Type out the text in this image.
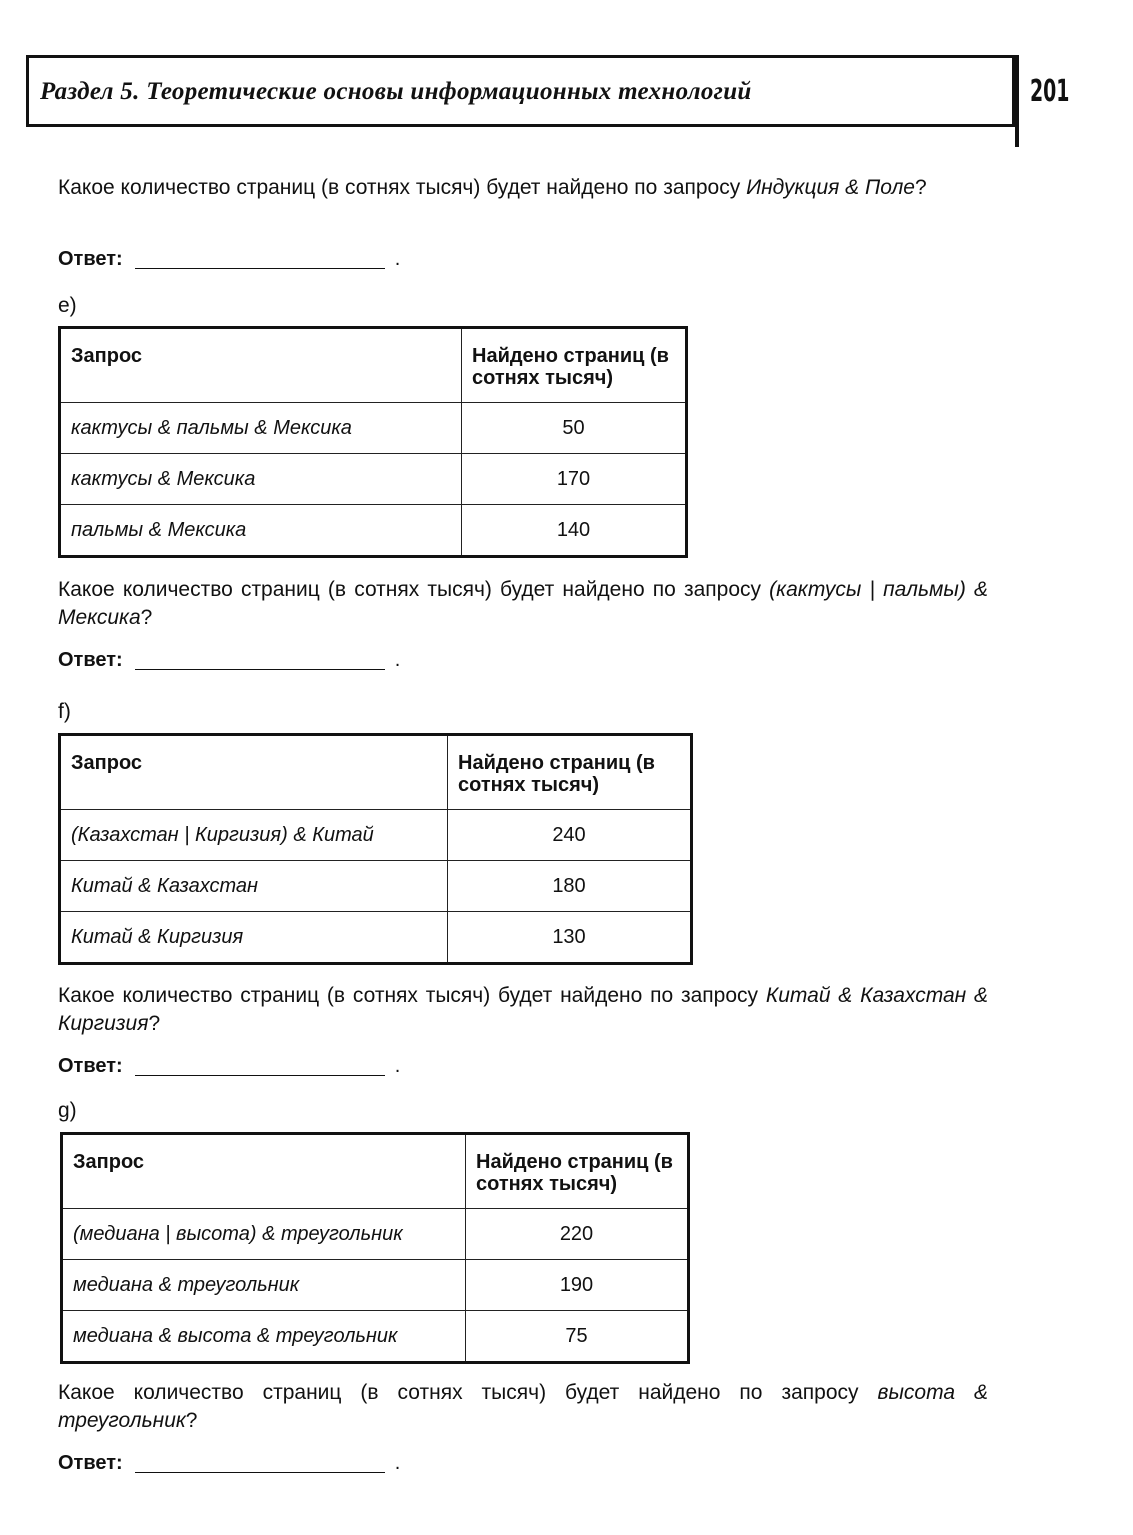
Раздел 5. Теоретические основы информационных технологий	201
Какое количество страниц (в сотнях тысяч) будет найдено по запросу Индукция & Поле?
Ответ:	.
e)
Запрос	Найдено страниц (в сотнях тысяч)
кактусы & пальмы & Мексика	50
кактусы & Мексика	170
пальмы & Мексика	140
Какое количество страниц (в сотнях тысяч) будет найдено по запросу (кактусы | пальмы) & Мексика?
Ответ:	.
f)
Запрос	Найдено страниц (в сотнях тысяч)
(Казахстан | Киргизия) & Китай	240
Китай & Казахстан	180
Китай & Киргизия	130
Какое количество страниц (в сотнях тысяч) будет найдено по запросу Китай & Казахстан & Киргизия?
Ответ:	.
g)
Запрос	Найдено страниц (в сотнях тысяч)
(медиана | высота) & треугольник	220
медиана & треугольник	190
медиана & высота & треугольник	75
Какое количество страниц (в сотнях тысяч) будет найдено по запросу высота & треугольник?
Ответ:	.
